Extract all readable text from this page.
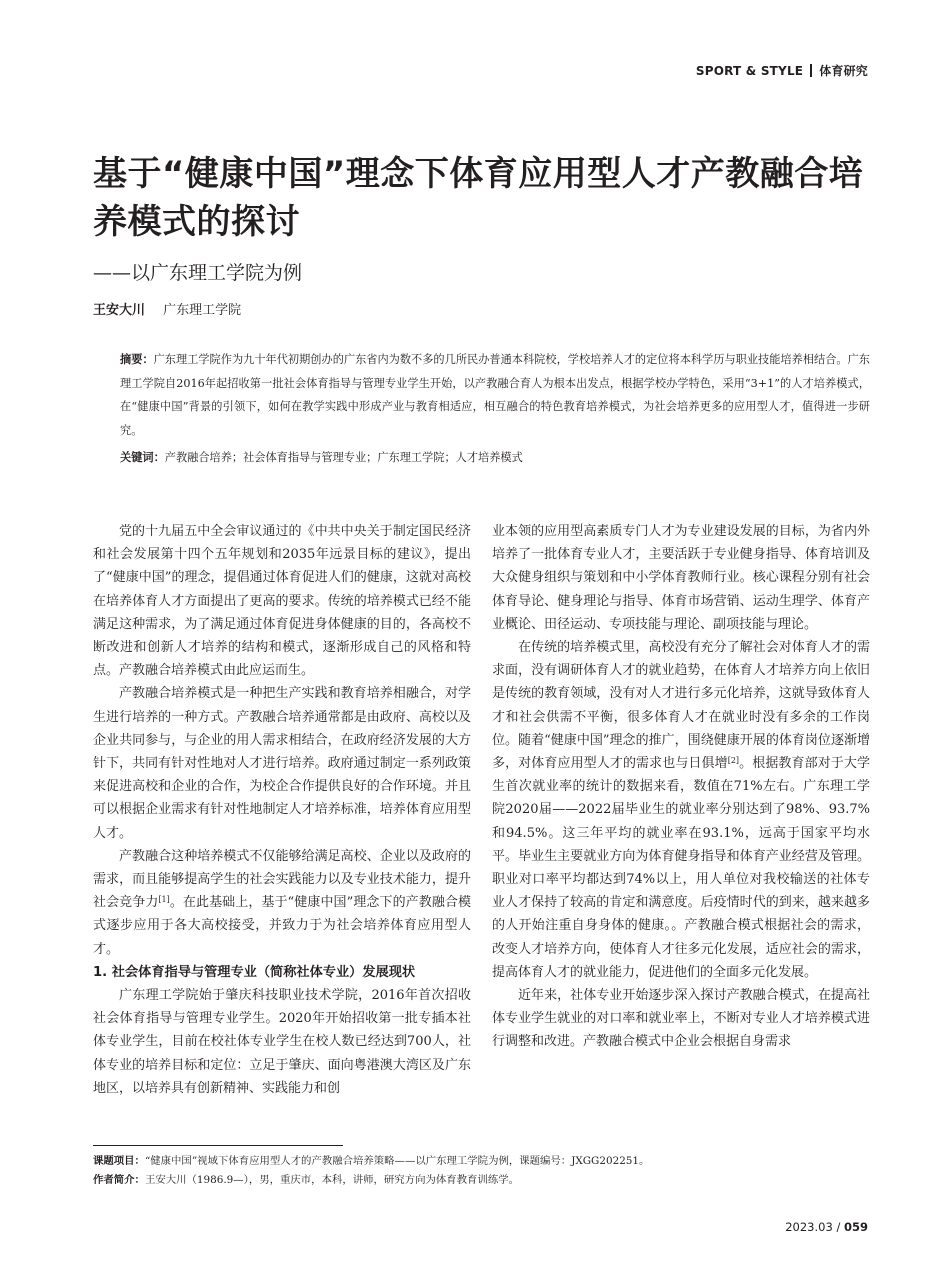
SPORT & STYLE 体育研究
基于“健康中国”理念下体育应用型人才产教融合培养模式的探讨
——以广东理工学院为例
王安大川 广东理工学院
摘要：广东理工学院作为九十年代初期创办的广东省内为数不多的几所民办普通本科院校，学校培养人才的定位将本科学历与职业技能培养相结合。广东理工学院自2016年起招收第一批社会体育指导与管理专业学生开始，以产教融合育人为根本出发点，根据学校办学特色，采用“3+1”的人才培养模式，在“健康中国”背景的引领下，如何在教学实践中形成产业与教育相适应，相互融合的特色教育培养模式，为社会培养更多的应用型人才，值得进一步研究。
关键词：产教融合培养；社会体育指导与管理专业；广东理工学院；人才培养模式

党的十九届五中全会审议通过的《中共中央关于制定国民经济和社会发展第十四个五年规划和2035年远景目标的建议》，提出了“健康中国”的理念，提倡通过体育促进人们的健康，这就对高校在培养体育人才方面提出了更高的要求。传统的培养模式已经不能满足这种需求，为了满足通过体育促进身体健康的目的，各高校不断改进和创新人才培养的结构和模式，逐渐形成自己的风格和特点。产教融合培养模式由此应运而生。

产教融合培养模式是一种把生产实践和教育培养相融合，对学生进行培养的一种方式。产教融合培养通常都是由政府、高校以及企业共同参与，与企业的用人需求相结合，在政府经济发展的大方针下，共同有针对性地对人才进行培养。政府通过制定一系列政策来促进高校和企业的合作，为校企合作提供良好的合作环境。并且可以根据企业需求有针对性地制定人才培养标准，培养体育应用型人才。

产教融合这种培养模式不仅能够给满足高校、企业以及政府的需求，而且能够提高学生的社会实践能力以及专业技术能力，提升社会竞争力[1]。在此基础上，基于“健康中国”理念下的产教融合模式逐步应用于各大高校接受，并致力于为社会培养体育应用型人才。

1. 社会体育指导与管理专业（简称社体专业）发展现状

广东理工学院始于肇庆科技职业技术学院，2016年首次招收社会体育指导与管理专业学生。2020年开始招收第一批专插本社体专业学生，目前在校社体专业学生在校人数已经达到700人，社体专业的培养目标和定位：立足于肇庆、面向粤港澳大湾区及广东地区，以培养具有创新精神、实践能力和创

业本领的应用型高素质专门人才为专业建设发展的目标，为省内外培养了一批体育专业人才，主要活跃于专业健身指导、体育培训及大众健身组织与策划和中小学体育教师行业。核心课程分别有社会体育导论、健身理论与指导、体育市场营销、运动生理学、体育产业概论、田径运动、专项技能与理论、副项技能与理论。

在传统的培养模式里，高校没有充分了解社会对体育人才的需求面，没有调研体育人才的就业趋势，在体育人才培养方向上依旧是传统的教育领域，没有对人才进行多元化培养，这就导致体育人才和社会供需不平衡，很多体育人才在就业时没有多余的工作岗位。随着“健康中国”理念的推广，围绕健康开展的体育岗位逐渐增多，对体育应用型人才的需求也与日俱增[2]。根据教育部对于大学生首次就业率的统计的数据来看，数值在71%左右。广东理工学院2020届——2022届毕业生的就业率分别达到了98%、93.7%和94.5%。这三年平均的就业率在93.1%，远高于国家平均水平。毕业生主要就业方向为体育健身指导和体育产业经营及管理。职业对口率平均都达到74%以上，用人单位对我校输送的社体专业人才保持了较高的肯定和满意度。后疫情时代的到来，越来越多的人开始注重自身身体的健康。。产教融合模式根据社会的需求，改变人才培养方向，使体育人才往多元化发展，适应社会的需求，提高体育人才的就业能力，促进他们的全面多元化发展。

近年来，社体专业开始逐步深入探讨产教融合模式，在提高社体专业学生就业的对口率和就业率上，不断对专业人才培养模式进行调整和改进。产教融合模式中企业会根据自身需求

课题项目：“健康中国”视域下体育应用型人才的产教融合培养策略——以广东理工学院为例，课题编号：JXGG202251。
作者简介：王安大川（1986.9—），男，重庆市，本科，讲师，研究方向为体育教育训练学。
2023.03 / 059
